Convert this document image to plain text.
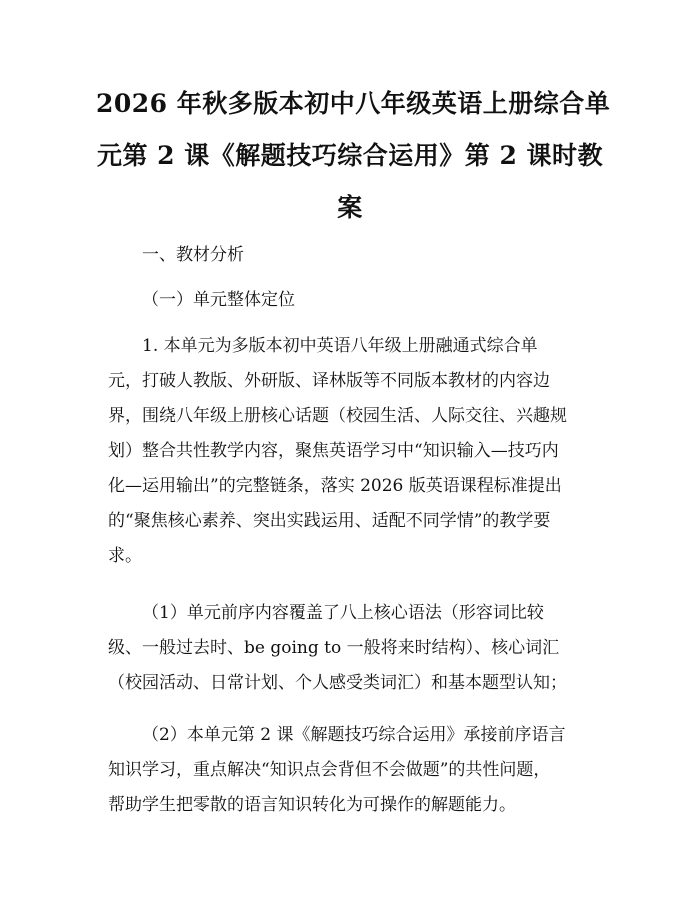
2026 年秋多版本初中八年级英语上册综合单
元第 2 课《解题技巧综合运用》第 2 课时教
案

一、教材分析

（一）单元整体定位

1. 本单元为多版本初中英语八年级上册融通式综合单
元，打破人教版、外研版、译林版等不同版本教材的内容边
界，围绕八年级上册核心话题（校园生活、人际交往、兴趣规
划）整合共性教学内容，聚焦英语学习中“知识输入—技巧内
化—运用输出”的完整链条，落实 2026 版英语课程标准提出
的“聚焦核心素养、突出实践运用、适配不同学情”的教学要
求。

（1）单元前序内容覆盖了八上核心语法（形容词比较
级、一般过去时、be going to 一般将来时结构）、核心词汇
（校园活动、日常计划、个人感受类词汇）和基本题型认知；

（2）本单元第 2 课《解题技巧综合运用》承接前序语言
知识学习，重点解决“知识点会背但不会做题”的共性问题，
帮助学生把零散的语言知识转化为可操作的解题能力。
